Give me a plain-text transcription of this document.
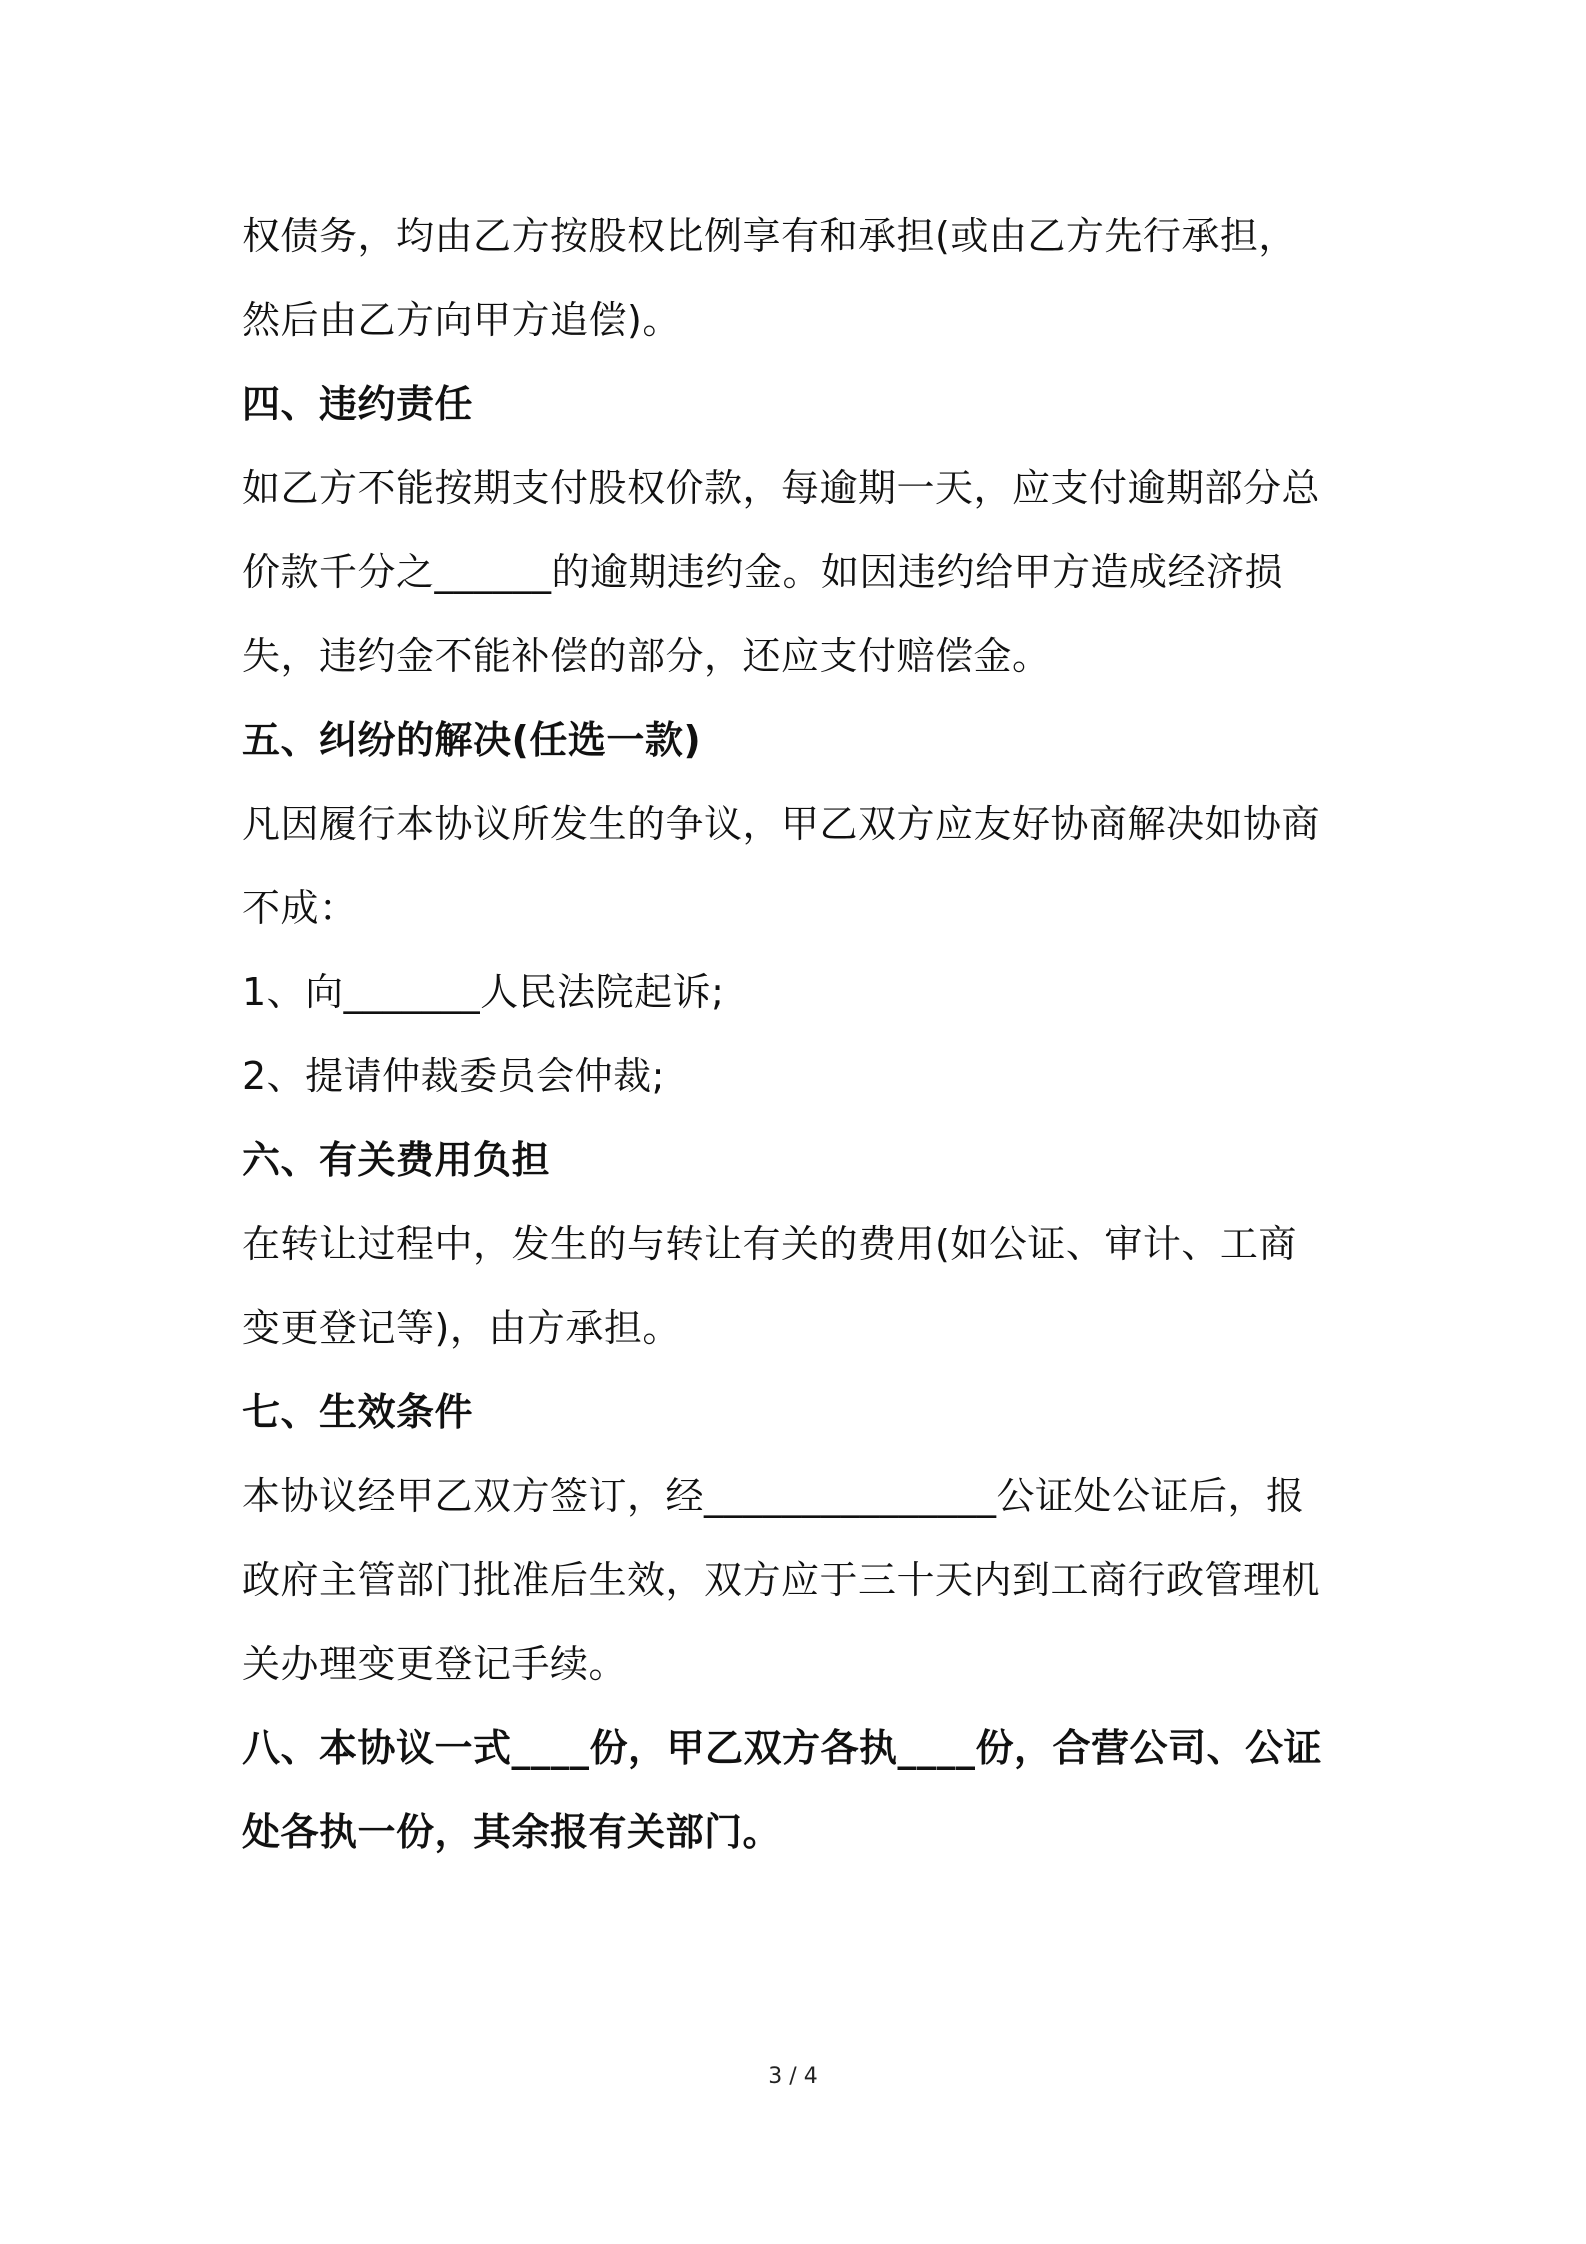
权债务，均由乙方按股权比例享有和承担(或由乙方先行承担，

然后由乙方向甲方追偿)。

四、违约责任

如乙方不能按期支付股权价款，每逾期一天，应支付逾期部分总

价款千分之______的逾期违约金。如因违约给甲方造成经济损

失，违约金不能补偿的部分，还应支付赔偿金。

五、纠纷的解决(任选一款)

凡因履行本协议所发生的争议，甲乙双方应友好协商解决如协商

不成：

1、向_______人民法院起诉;

2、提请仲裁委员会仲裁;

六、有关费用负担

在转让过程中，发生的与转让有关的费用(如公证、审计、工商

变更登记等)，由方承担。

七、生效条件

本协议经甲乙双方签订，经_______________公证处公证后，报

政府主管部门批准后生效，双方应于三十天内到工商行政管理机

关办理变更登记手续。

八、本协议一式____份，甲乙双方各执____份，合营公司、公证

处各执一份，其余报有关部门。

3 / 4
